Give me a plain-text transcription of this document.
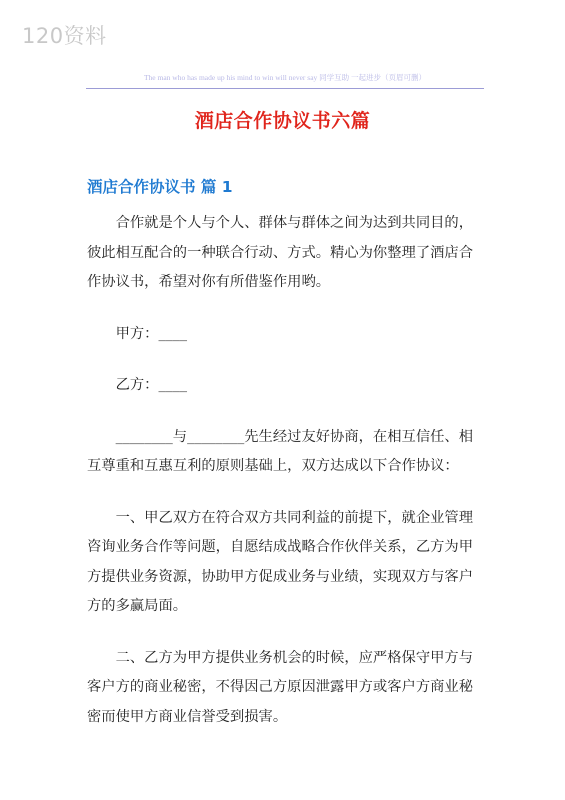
120资料
The man who has made up his mind to win will never say 同学互助 一起进步（页眉可删）
酒店合作协议书六篇
酒店合作协议书 篇 1

合作就是个人与个人、群体与群体之间为达到共同目的，
彼此相互配合的一种联合行动、方式。精心为你整理了酒店合
作协议书，希望对你有所借鉴作用哟。

甲方：____

乙方：____

________与________先生经过友好协商，在相互信任、相
互尊重和互惠互利的原则基础上，双方达成以下合作协议：

一、甲乙双方在符合双方共同利益的前提下，就企业管理
咨询业务合作等问题，自愿结成战略合作伙伴关系，乙方为甲
方提供业务资源，协助甲方促成业务与业绩，实现双方与客户
方的多赢局面。

二、乙方为甲方提供业务机会的时候，应严格保守甲方与
客户方的商业秘密，不得因己方原因泄露甲方或客户方商业秘
密而使甲方商业信誉受到损害。
